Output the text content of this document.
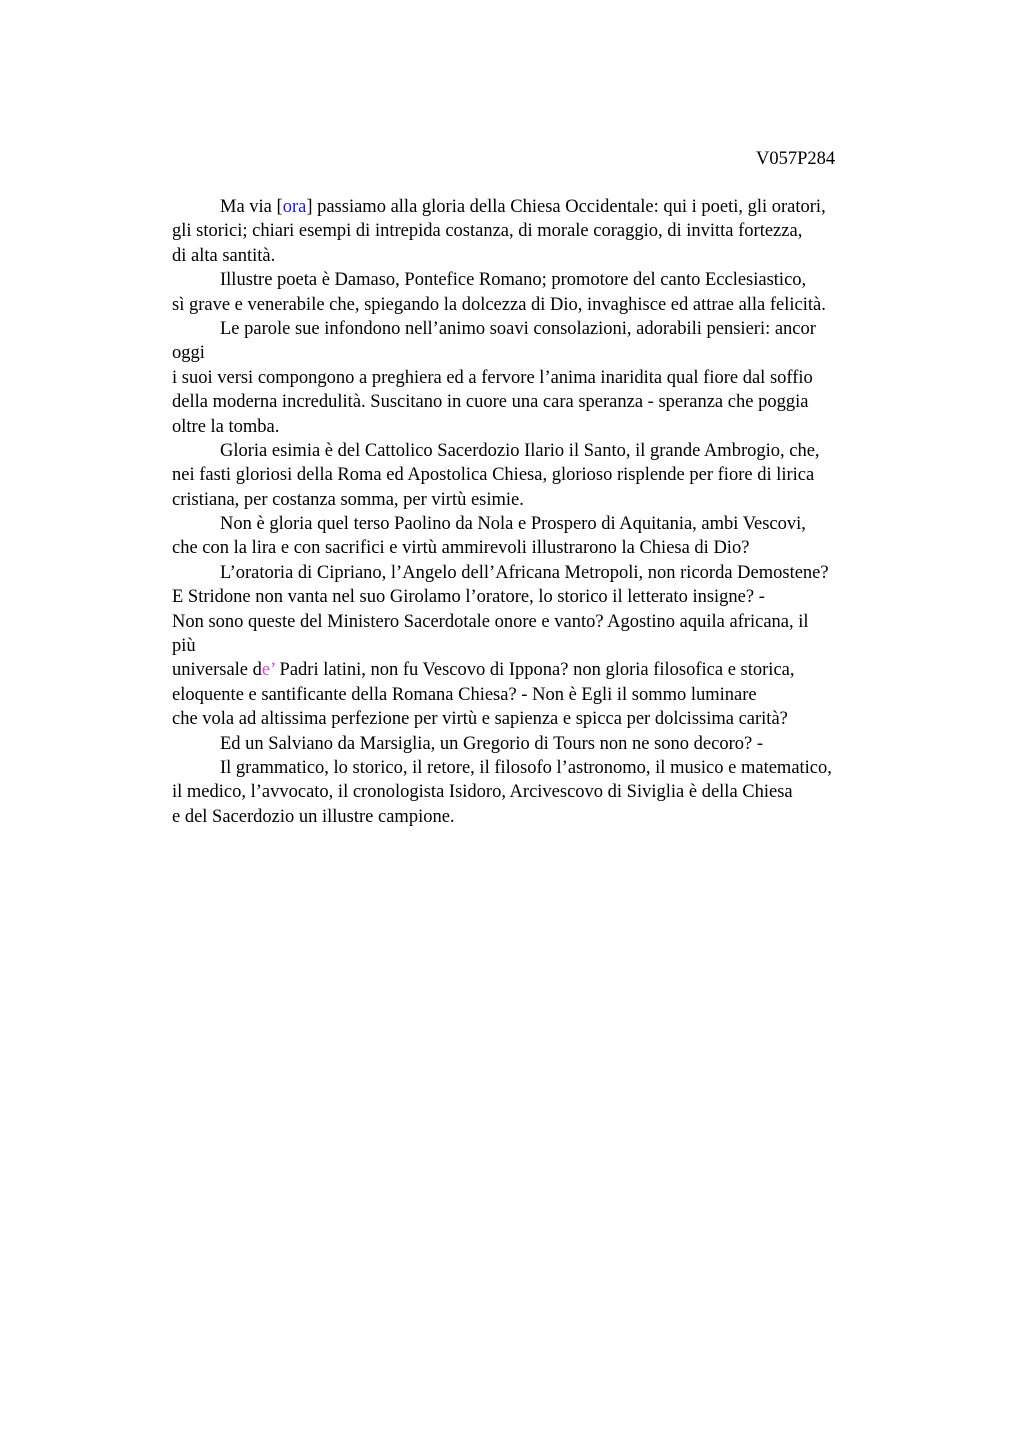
V057P284
Ma via [ora] passiamo alla gloria della Chiesa Occidentale: qui i poeti, gli oratori,
gli storici; chiari esempi di intrepida costanza, di morale coraggio, di invitta fortezza,
di alta santità.
Illustre poeta è Damaso, Pontefice Romano; promotore del canto Ecclesiastico,
sì grave e venerabile che, spiegando la dolcezza di Dio, invaghisce ed attrae alla felicità.
Le parole sue infondono nell’animo soavi consolazioni, adorabili pensieri: ancor
oggi
i suoi versi compongono a preghiera ed a fervore l’anima inaridita qual fiore dal soffio
della moderna incredulità. Suscitano in cuore una cara speranza - speranza che poggia
oltre la tomba.
Gloria esimia è del Cattolico Sacerdozio Ilario il Santo, il grande Ambrogio, che,
nei fasti gloriosi della Roma ed Apostolica Chiesa, glorioso risplende per fiore di lirica
cristiana, per costanza somma, per virtù esimie.
Non è gloria quel terso Paolino da Nola e Prospero di Aquitania, ambi Vescovi,
che con la lira e con sacrifici e virtù ammirevoli illustrarono la Chiesa di Dio?
L’oratoria di Cipriano, l’Angelo dell’Africana Metropoli, non ricorda Demostene?
E Stridone non vanta nel suo Girolamo l’oratore, lo storico il letterato insigne? -
Non sono queste del Ministero Sacerdotale onore e vanto? Agostino aquila africana, il
più
universale de’ Padri latini, non fu Vescovo di Ippona? non gloria filosofica e storica,
eloquente e santificante della Romana Chiesa? - Non è Egli il sommo luminare
che vola ad altissima perfezione per virtù e sapienza e spicca per dolcissima carità?
Ed un Salviano da Marsiglia, un Gregorio di Tours non ne sono decoro? -
Il grammatico, lo storico, il retore, il filosofo l’astronomo, il musico e matematico,
il medico, l’avvocato, il cronologista Isidoro, Arcivescovo di Siviglia è della Chiesa
e del Sacerdozio un illustre campione.
